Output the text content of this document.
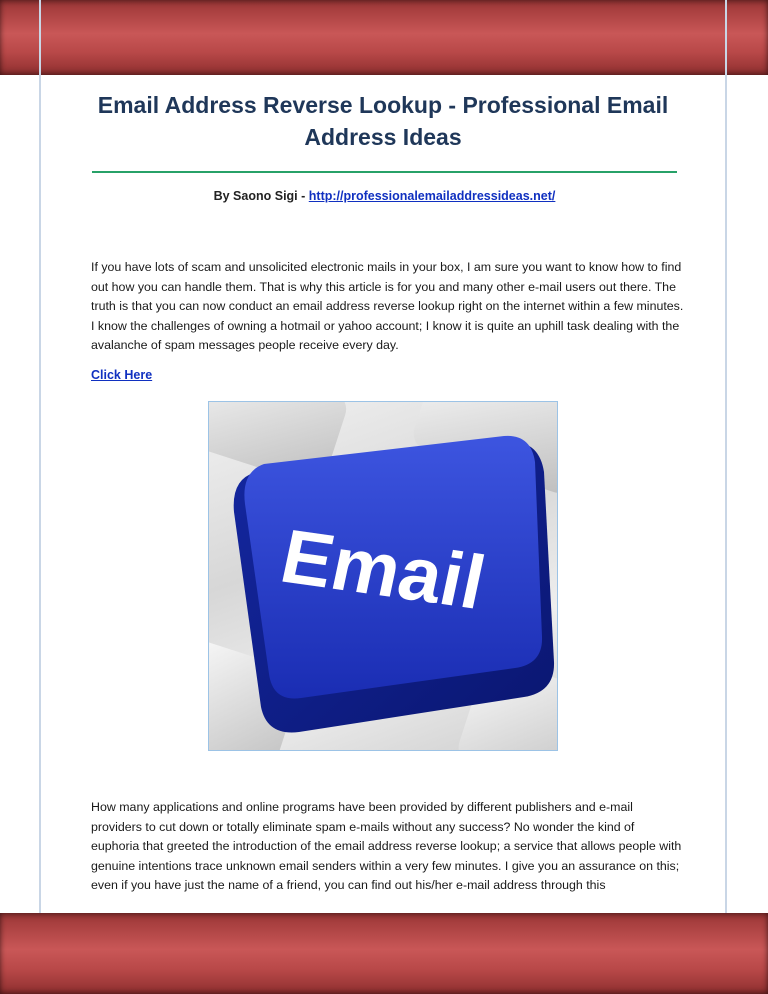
Email Address Reverse Lookup - Professional Email Address Ideas
By Saono Sigi - http://professionalemailaddressideas.net/
If you have lots of scam and unsolicited electronic mails in your box, I am sure you want to know how to find out how you can handle them. That is why this article is for you and many other e-mail users out there. The truth is that you can now conduct an email address reverse lookup right on the internet within a few minutes. I know the challenges of owning a hotmail or yahoo account; I know it is quite an uphill task dealing with the avalanche of spam messages people receive every day.
Click Here
Email
How many applications and online programs have been provided by different publishers and e-mail providers to cut down or totally eliminate spam e-mails without any success? No wonder the kind of euphoria that greeted the introduction of the email address reverse lookup; a service that allows people with genuine intentions trace unknown email senders within a very few minutes. I give you an assurance on this; even if you have just the name of a friend, you can find out his/her e-mail address through this
